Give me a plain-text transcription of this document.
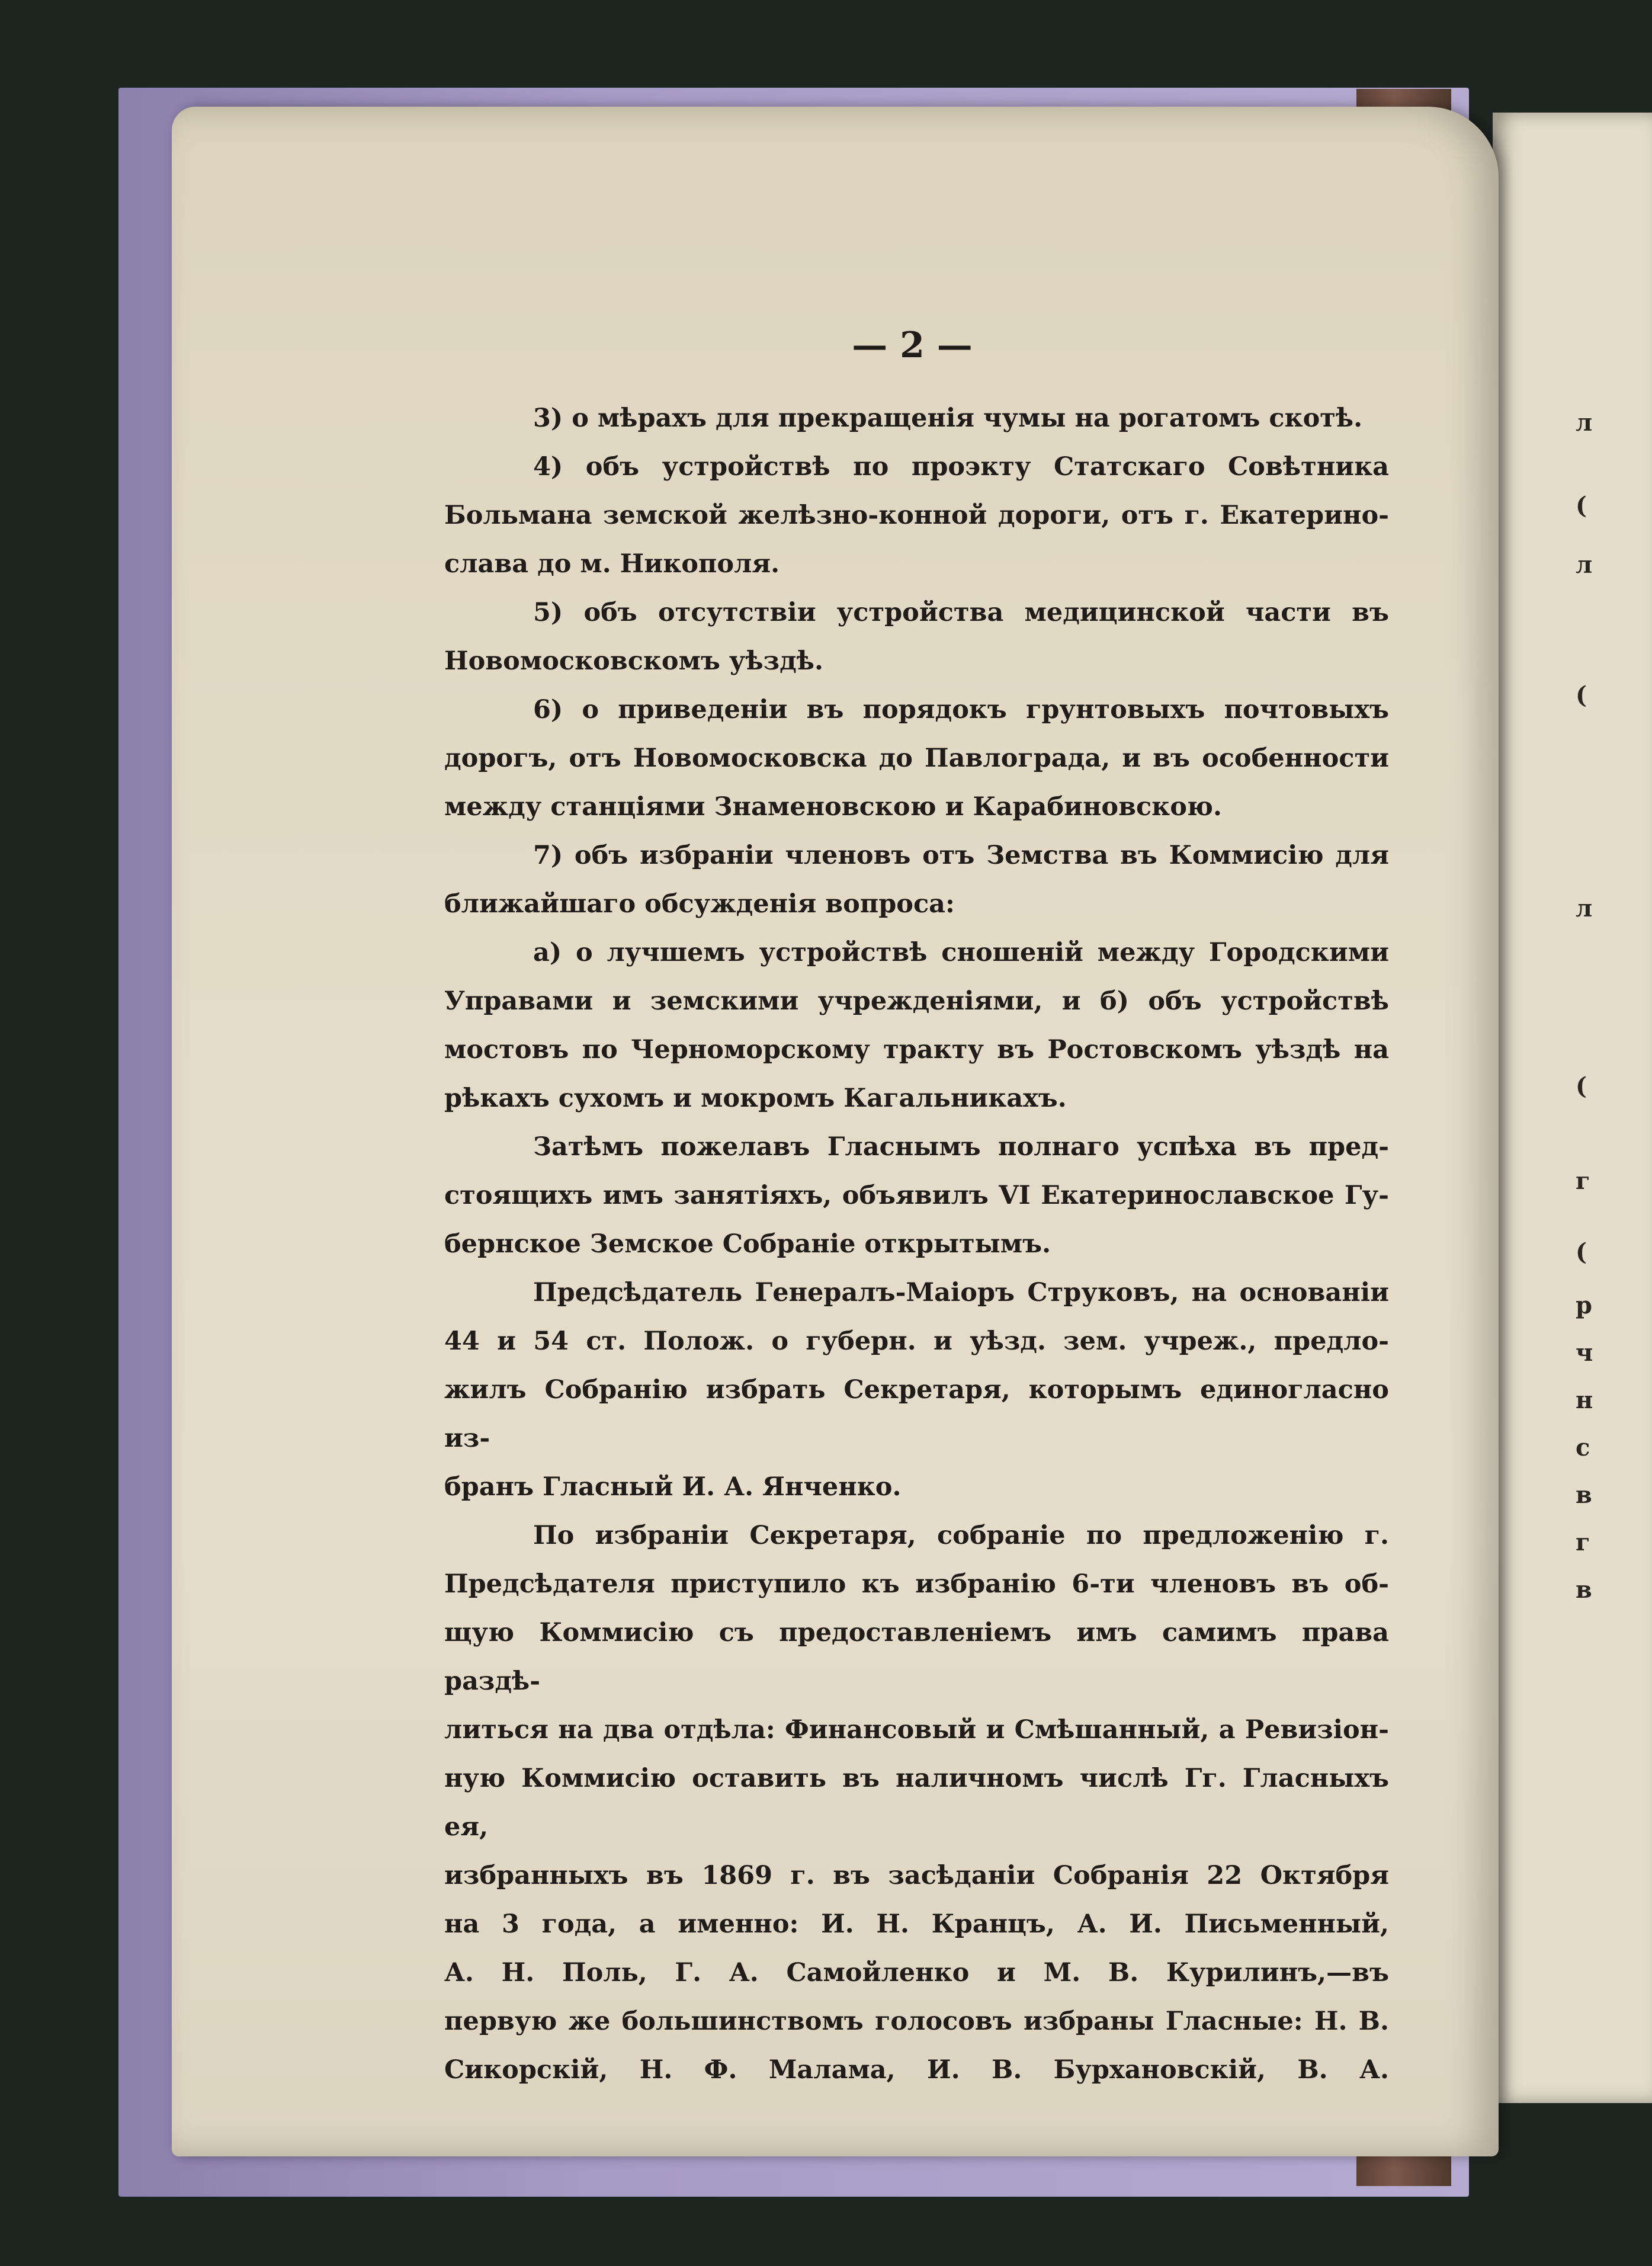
л
(
л
(
л
(
г
(
р
ч
н
с
в
г
в
— 2 —

3) о мѣрахъ для прекращенія чумы на рогатомъ скотѣ.

4) объ устройствѣ по проэкту Статскаго Совѣтника

Больмана земской желѣзно-конной дороги, отъ г. Екатерино-

слава до м. Никополя.

5) объ отсутствіи устройства медицинской части въ

Новомосковскомъ уѣздѣ.

6) о приведеніи въ порядокъ грунтовыхъ почтовыхъ

дорогъ, отъ Новомосковска до Павлограда, и въ особенности

между станціями Знаменовскою и Карабиновскою.

7) объ избраніи членовъ отъ Земства въ Коммисію для

ближайшаго обсужденія вопроса:

а) о лучшемъ устройствѣ сношеній между Городскими

Управами и земскими учрежденіями, и б) объ устройствѣ

мостовъ по Черноморскому тракту въ Ростовскомъ уѣздѣ на

рѣкахъ сухомъ и мокромъ Кагальникахъ.

Затѣмъ пожелавъ Гласнымъ полнаго успѣха въ пред-

стоящихъ имъ занятіяхъ, объявилъ VI Екатеринославское Гу-

бернское Земское Собраніе открытымъ.

Предсѣдатель Генералъ-Маіоръ Струковъ, на основаніи

44 и 54 ст. Полож. о губерн. и уѣзд. зем. учреж., предло-

жилъ Собранію избрать Секретаря, которымъ единогласно из-

бранъ Гласный И. А. Янченко.

По избраніи Секретаря, собраніе по предложенію г.

Предсѣдателя приступило къ избранію 6-ти членовъ въ об-

щую Коммисію съ предоставленіемъ имъ самимъ права раздѣ-

литься на два отдѣла: Финансовый и Смѣшанный, а Ревизіон-

ную Коммисію оставить въ наличномъ числѣ Гг. Гласныхъ ея,

избранныхъ въ 1869 г. въ засѣданіи Собранія 22 Октября

на 3 года, а именно: И. Н. Кранцъ, А. И. Письменный,

А. Н. Поль, Г. А. Самойленко и М. В. Курилинъ,—въ

первую же большинствомъ голосовъ избраны Гласные: Н. В.

Сикорскій, Н. Ф. Малама, И. В. Бурхановскій, В. А.
